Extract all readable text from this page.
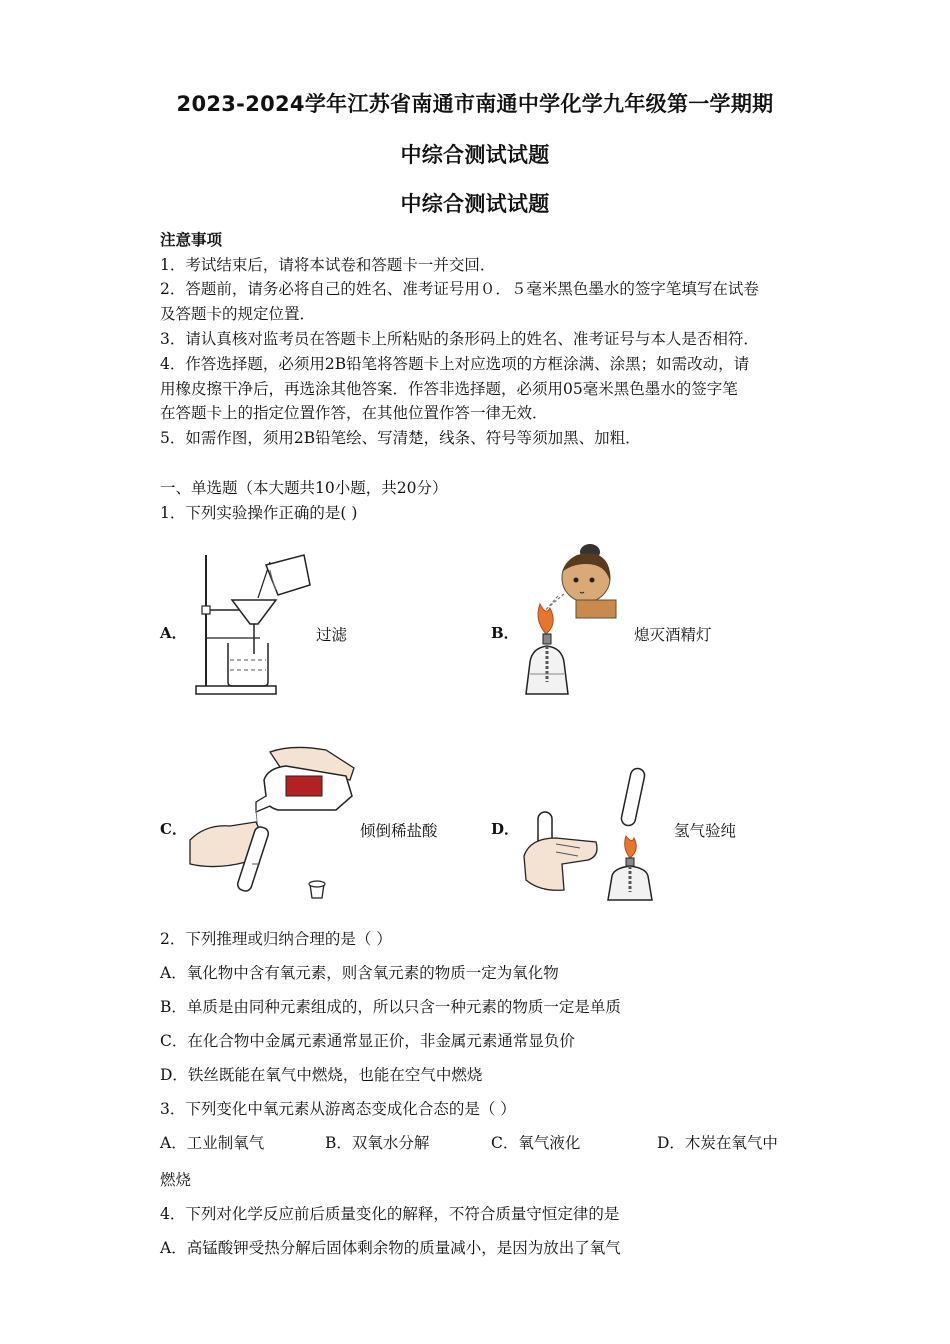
2023-2024学年江苏省南通市南通中学化学九年级第一学期期
中综合测试试题
中综合测试试题
注意事项
1．考试结束后，请将本试卷和答题卡一并交回．
2．答题前，请务必将自己的姓名、准考证号用０．５毫米黑色墨水的签字笔填写在试卷
及答题卡的规定位置．
3．请认真核对监考员在答题卡上所粘贴的条形码上的姓名、准考证号与本人是否相符．
4．作答选择题，必须用2B铅笔将答题卡上对应选项的方框涂满、涂黑；如需改动，请
用橡皮擦干净后，再选涂其他答案．作答非选择题，必须用05毫米黑色墨水的签字笔
在答题卡上的指定位置作答，在其他位置作答一律无效．
5．如需作图，须用2B铅笔绘、写清楚，线条、符号等须加黑、加粗．
一、单选题（本大题共10小题，共20分）
1．下列实验操作正确的是( )
A．	过滤	B．	熄灭酒精灯
C．	倾倒稀盐酸	D．	氢气验纯
2．下列推理或归纳合理的是（ ）
A．氧化物中含有氧元素，则含氧元素的物质一定为氧化物
B．单质是由同种元素组成的，所以只含一种元素的物质一定是单质
C．在化合物中金属元素通常显正价，非金属元素通常显负价
D．铁丝既能在氧气中燃烧，也能在空气中燃烧
3．下列变化中氧元素从游离态变成化合态的是（ ）
A．工业制氧气	B．双氧水分解	C．氧气液化	D．木炭在氧气中
燃烧
4．下列对化学反应前后质量变化的解释，不符合质量守恒定律的是
A．高锰酸钾受热分解后固体剩余物的质量减小，是因为放出了氧气
